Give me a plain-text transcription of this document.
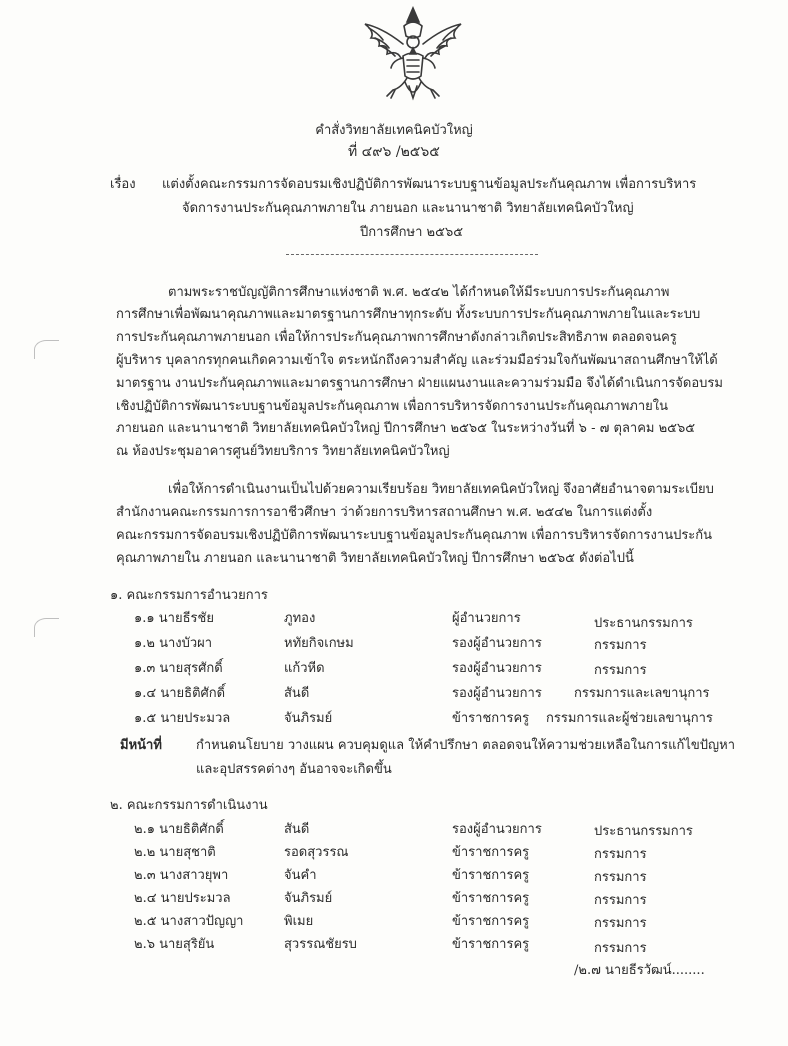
คำสั่งวิทยาลัยเทคนิคบัวใหญ่
ที่ ๔๙๖ /๒๕๖๕
เรื่อง แต่งตั้งคณะกรรมการจัดอบรมเชิงปฏิบัติการพัฒนาระบบฐานข้อมูลประกันคุณภาพ เพื่อการบริหาร
จัดการงานประกันคุณภาพภายใน ภายนอก และนานาชาติ วิทยาลัยเทคนิคบัวใหญ่
ปีการศึกษา ๒๕๖๕
ตามพระราชบัญญัติการศึกษาแห่งชาติ พ.ศ. ๒๕๔๒ ได้กำหนดให้มีระบบการประกันคุณภาพ
การศึกษาเพื่อพัฒนาคุณภาพและมาตรฐานการศึกษาทุกระดับ ทั้งระบบการประกันคุณภาพภายในและระบบ
การประกันคุณภาพภายนอก เพื่อให้การประกันคุณภาพการศึกษาดังกล่าวเกิดประสิทธิภาพ ตลอดจนครู
ผู้บริหาร บุคลากรทุกคนเกิดความเข้าใจ ตระหนักถึงความสำคัญ และร่วมมือร่วมใจกันพัฒนาสถานศึกษาให้ได้
มาตรฐาน งานประกันคุณภาพและมาตรฐานการศึกษา ฝ่ายแผนงานและความร่วมมือ จึงได้ดำเนินการจัดอบรม
เชิงปฏิบัติการพัฒนาระบบฐานข้อมูลประกันคุณภาพ เพื่อการบริหารจัดการงานประกันคุณภาพภายใน
ภายนอก และนานาชาติ วิทยาลัยเทคนิคบัวใหญ่ ปีการศึกษา ๒๕๖๕ ในระหว่างวันที่ ๖ - ๗ ตุลาคม ๒๕๖๕
ณ ห้องประชุมอาคารศูนย์วิทยบริการ วิทยาลัยเทคนิคบัวใหญ่
เพื่อให้การดำเนินงานเป็นไปด้วยความเรียบร้อย วิทยาลัยเทคนิคบัวใหญ่ จึงอาศัยอำนาจตามระเบียบ
สำนักงานคณะกรรมการการอาชีวศึกษา ว่าด้วยการบริหารสถานศึกษา พ.ศ. ๒๕๔๒ ในการแต่งตั้ง
คณะกรรมการจัดอบรมเชิงปฏิบัติการพัฒนาระบบฐานข้อมูลประกันคุณภาพ เพื่อการบริหารจัดการงานประกัน
คุณภาพภายใน ภายนอก และนานาชาติ วิทยาลัยเทคนิคบัวใหญ่ ปีการศึกษา ๒๕๖๕ ดังต่อไปนี้
๑. คณะกรรมการอำนวยการ
๑.๑ นายธีรชัย	ภูทอง	ผู้อำนวยการ	ประธานกรรมการ
๑.๒ นางบัวผา	หทัยกิจเกษม	รองผู้อำนวยการ	กรรมการ
๑.๓ นายสุรศักดิ์	แก้วหีด	รองผู้อำนวยการ	กรรมการ
๑.๔ นายธิติศักดิ์	สันดี	รองผู้อำนวยการ กรรมการและเลขานุการ
๑.๕ นายประมวล	จันภิรมย์	ข้าราชการครู กรรมการและผู้ช่วยเลขานุการ
มีหน้าที่	กำหนดนโยบาย วางแผน ควบคุมดูแล ให้คำปรึกษา ตลอดจนให้ความช่วยเหลือในการแก้ไขปัญหา
และอุปสรรคต่างๆ อันอาจจะเกิดขึ้น
๒. คณะกรรมการดำเนินงาน
๒.๑ นายธิติศักดิ์	สันดี	รองผู้อำนวยการ	ประธานกรรมการ
๒.๒ นายสุชาติ	รอดสุวรรณ	ข้าราชการครู	กรรมการ
๒.๓ นางสาวยุพา	จันคำ	ข้าราชการครู	กรรมการ
๒.๔ นายประมวล	จันภิรมย์	ข้าราชการครู	กรรมการ
๒.๕ นางสาวปัญญา	พิเมย	ข้าราชการครู	กรรมการ
๒.๖ นายสุริยัน	สุวรรณชัยรบ	ข้าราชการครู	กรรมการ
/๒.๗ นายธีรวัฒน์........
